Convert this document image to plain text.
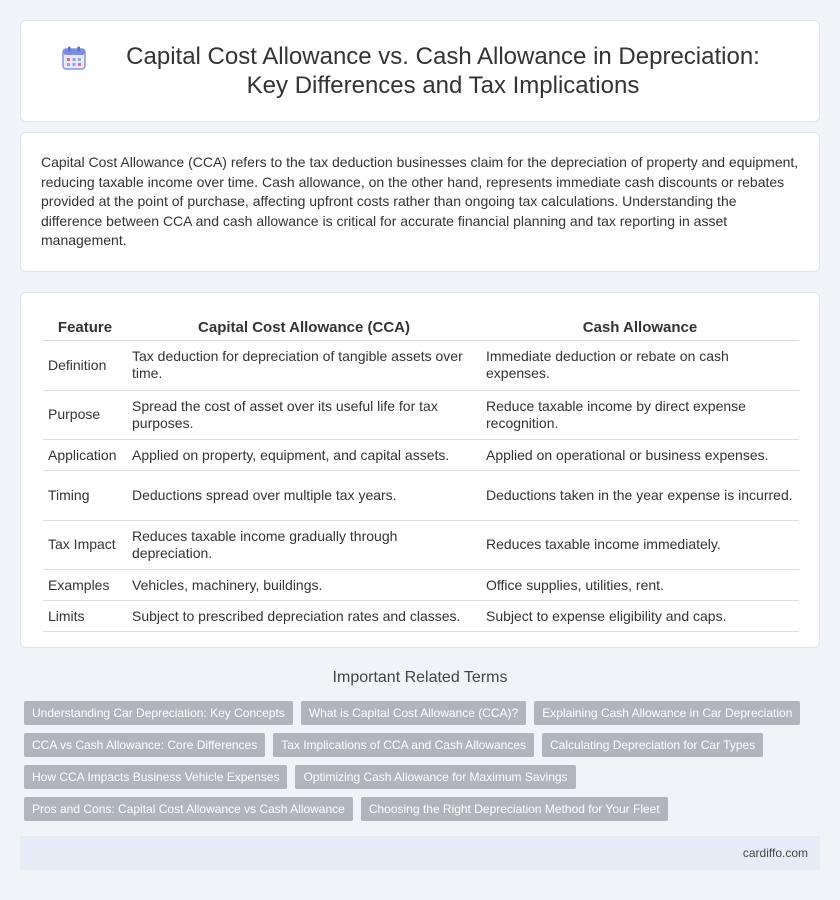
Capital Cost Allowance vs. Cash Allowance in Depreciation: Key Differences and Tax Implications

Capital Cost Allowance (CCA) refers to the tax deduction businesses claim for the depreciation of property and equipment, reducing taxable income over time. Cash allowance, on the other hand, represents immediate cash discounts or rebates provided at the point of purchase, affecting upfront costs rather than ongoing tax calculations. Understanding the difference between CCA and cash allowance is critical for accurate financial planning and tax reporting in asset management.

Feature	Capital Cost Allowance (CCA)	Cash Allowance
Definition	Tax deduction for depreciation of tangible assets over time.	Immediate deduction or rebate on cash expenses.
Purpose	Spread the cost of asset over its useful life for tax purposes.	Reduce taxable income by direct expense recognition.
Application	Applied on property, equipment, and capital assets.	Applied on operational or business expenses.
Timing	Deductions spread over multiple tax years.	Deductions taken in the year expense is incurred.
Tax Impact	Reduces taxable income gradually through depreciation.	Reduces taxable income immediately.
Examples	Vehicles, machinery, buildings.	Office supplies, utilities, rent.
Limits	Subject to prescribed depreciation rates and classes.	Subject to expense eligibility and caps.
Important Related Terms
Understanding Car Depreciation: Key Concepts	What is Capital Cost Allowance (CCA)?	Explaining Cash Allowance in Car Depreciation
CCA vs Cash Allowance: Core Differences	Tax Implications of CCA and Cash Allowances	Calculating Depreciation for Car Types
How CCA Impacts Business Vehicle Expenses	Optimizing Cash Allowance for Maximum Savings
Pros and Cons: Capital Cost Allowance vs Cash Allowance	Choosing the Right Depreciation Method for Your Fleet
cardiffo.com
